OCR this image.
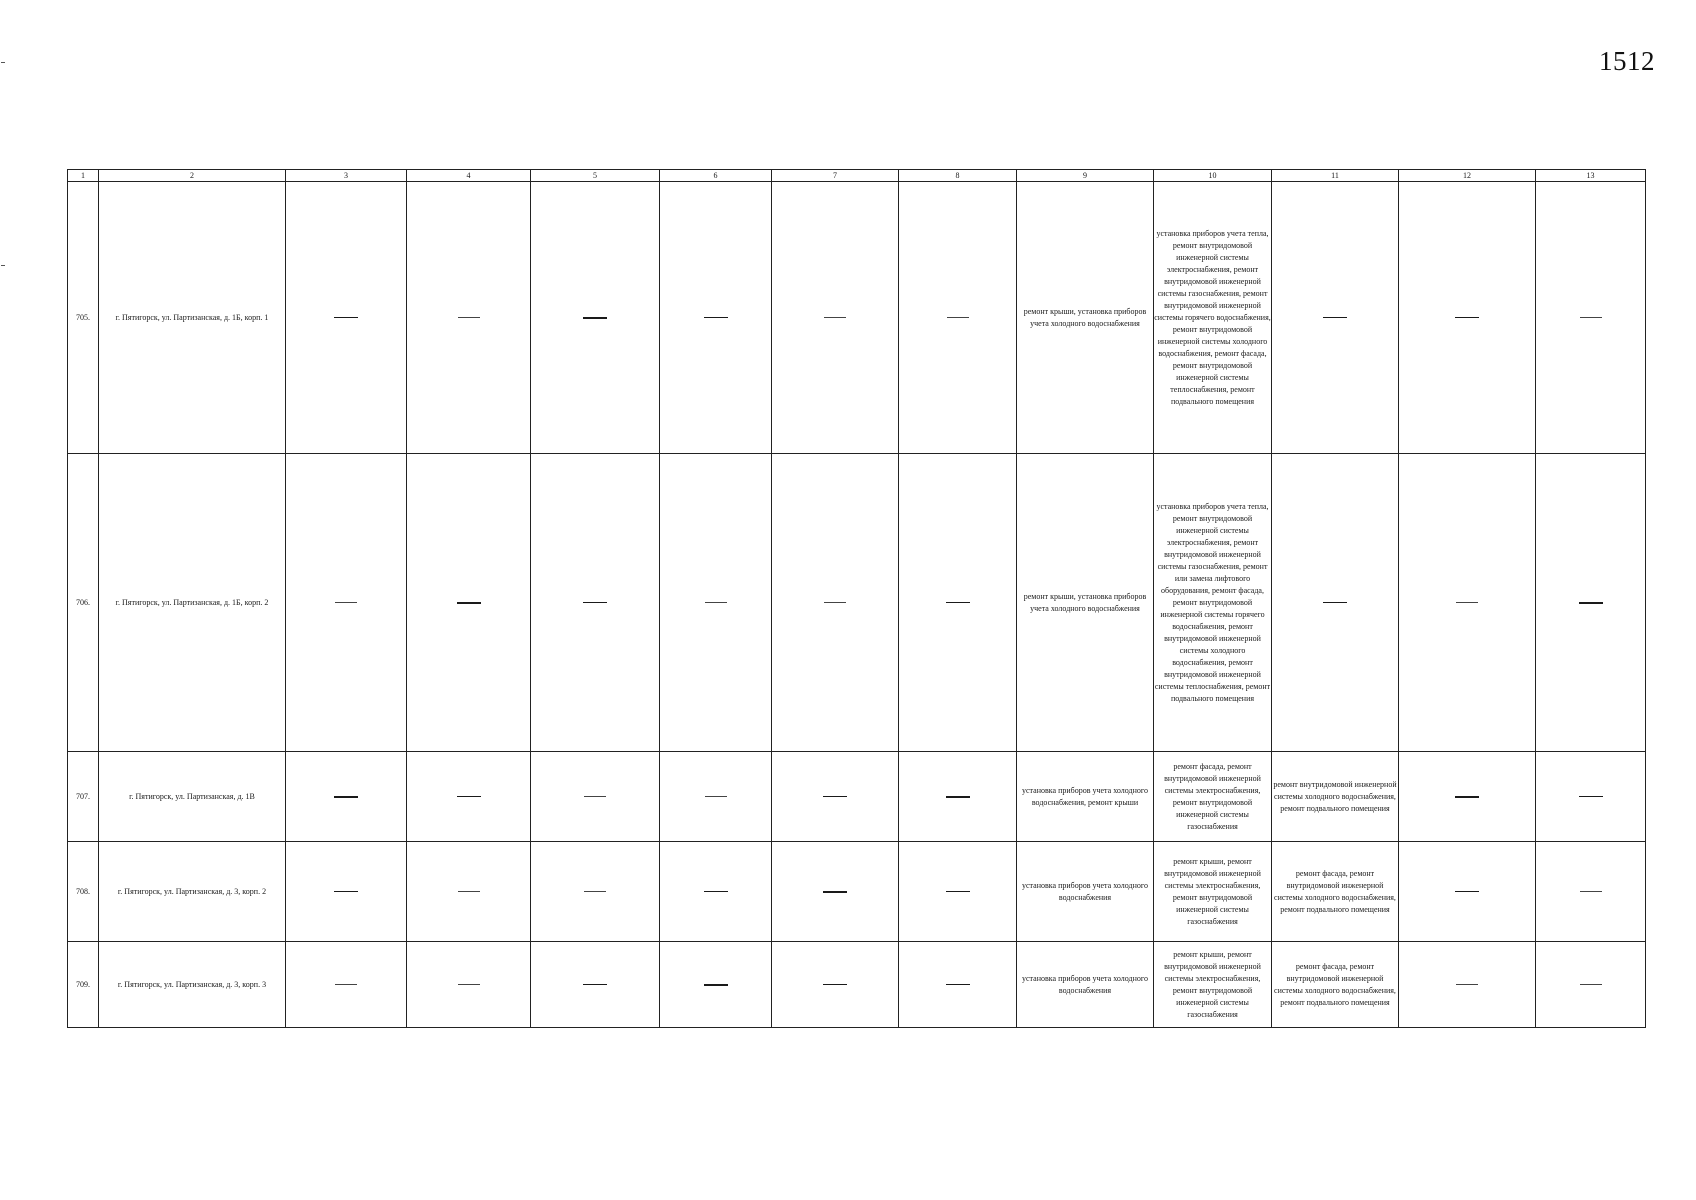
1512
1	2	3	4	5	6	7	8	9	10	11	12	13
705.	г. Пятигорск, ул. Партизанская, д. 1Б, корп. 1							ремонт крыши, установка приборов учета холодного водоснабжения	установка приборов учета тепла, ремонт внутридомовой инженерной системы электроснабжения, ремонт внутридомовой инженерной системы газоснабжения, ремонт внутридомовой инженерной системы горячего водоснабжения, ремонт внутридомовой инженерной системы холодного водоснабжения, ремонт фасада, ремонт внутридомовой инженерной системы теплоснабжения, ремонт подвального помещения			
706.	г. Пятигорск, ул. Партизанская, д. 1Б, корп. 2							ремонт крыши, установка приборов учета холодного водоснабжения	установка приборов учета тепла, ремонт внутридомовой инженерной системы электроснабжения, ремонт внутридомовой инженерной системы газоснабжения, ремонт или замена лифтового оборудования, ремонт фасада, ремонт внутридомовой инженерной системы горячего водоснабжения, ремонт внутридомовой инженерной системы холодного водоснабжения, ремонт внутридомовой инженерной системы теплоснабжения, ремонт подвального помещения			
707.	г. Пятигорск, ул. Партизанская, д. 1В							установка приборов учета холодного водоснабжения, ремонт крыши	ремонт фасада, ремонт внутридомовой инженерной системы электроснабжения, ремонт внутридомовой инженерной системы газоснабжения	ремонт внутридомовой инженерной системы холодного водоснабжения, ремонт подвального помещения		
708.	г. Пятигорск, ул. Партизанская, д. 3, корп. 2							установка приборов учета холодного водоснабжения	ремонт крыши, ремонт внутридомовой инженерной системы электроснабжения, ремонт внутридомовой инженерной системы газоснабжения	ремонт фасада, ремонт внутридомовой инженерной системы холодного водоснабжения, ремонт подвального помещения		
709.	г. Пятигорск, ул. Партизанская, д. 3, корп. 3							установка приборов учета холодного водоснабжения	ремонт крыши, ремонт внутридомовой инженерной системы электроснабжения, ремонт внутридомовой инженерной системы газоснабжения	ремонт фасада, ремонт внутридомовой инженерной системы холодного водоснабжения, ремонт подвального помещения		
